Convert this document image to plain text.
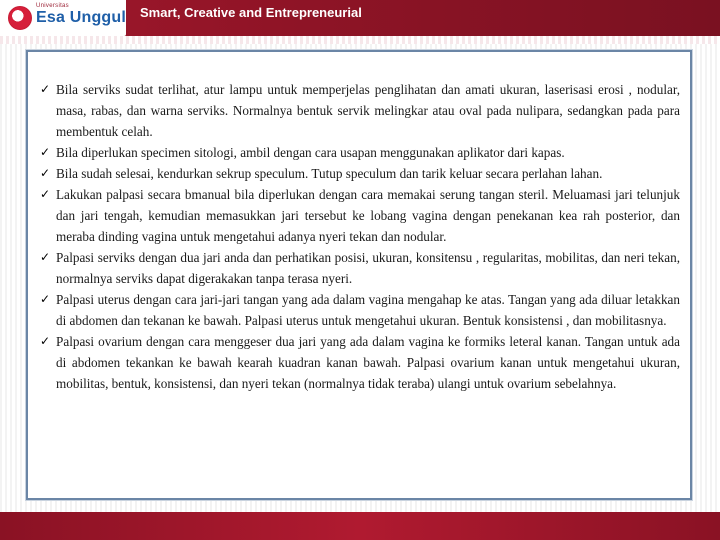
Universitas
Esa Unggul Smart, Creative and Entrepreneurial
✓ Bila serviks sudat terlihat, atur lampu untuk memperjelas penglihatan dan amati ukuran, laserisasi erosi , nodular, masa, rabas, dan warna serviks. Normalnya bentuk servik melingkar atau oval pada nulipara, sedangkan pada para membentuk celah.
✓ Bila diperlukan specimen sitologi, ambil dengan cara usapan menggunakan aplikator dari kapas.
✓ Bila sudah selesai, kendurkan sekrup speculum. Tutup speculum dan tarik keluar secara perlahan lahan.
✓ Lakukan palpasi secara bmanual bila diperlukan dengan cara memakai serung tangan steril. Meluamasi jari telunjuk dan jari tengah, kemudian memasukkan jari tersebut ke lobang vagina dengan penekanan kea rah posterior, dan meraba dinding vagina untuk mengetahui adanya nyeri tekan dan nodular.
✓ Palpasi serviks dengan dua jari anda dan perhatikan posisi, ukuran, konsitensu , regularitas, mobilitas, dan neri tekan, normalnya serviks dapat digerakakan tanpa terasa nyeri.
✓ Palpasi uterus dengan cara jari-jari tangan yang ada dalam vagina mengahap ke atas. Tangan yang ada diluar letakkan di abdomen dan tekanan ke bawah. Palpasi uterus untuk mengetahui ukuran. Bentuk konsistensi , dan mobilitasnya.
✓ Palpasi ovarium dengan cara menggeser dua jari yang ada dalam vagina ke formiks leteral kanan. Tangan untuk ada di abdomen tekankan ke bawah kearah kuadran kanan bawah. Palpasi ovarium kanan untuk mengetahui ukuran, mobilitas, bentuk, konsistensi, dan nyeri tekan (normalnya tidak teraba) ulangi untuk ovarium sebelahnya.
